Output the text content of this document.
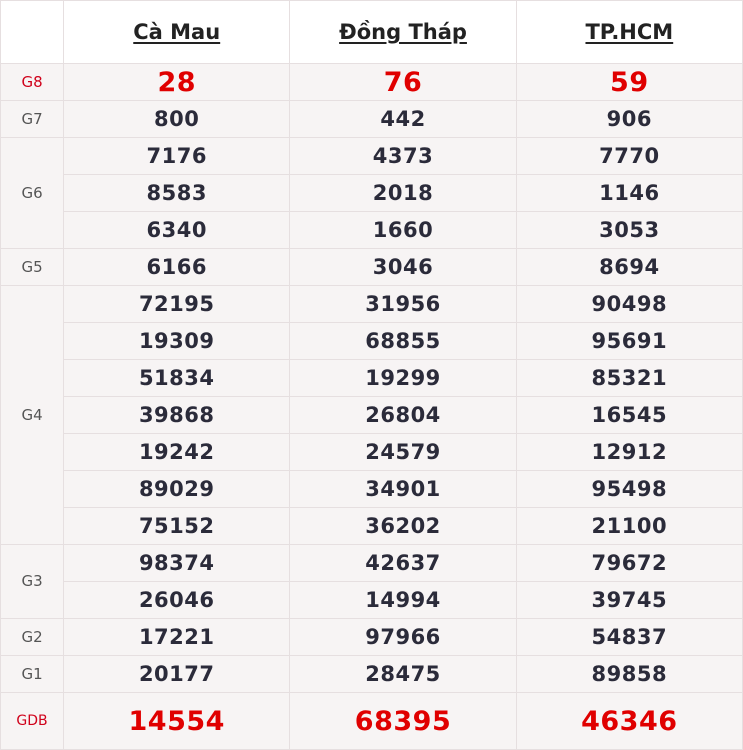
	Cà Mau	Đồng Tháp	TP.HCM

G8	28	76	59

G7	800	442	906

G6	7176	4373	7770

	8583	2018	1146

	6340	1660	3053

G5	6166	3046	8694

G4	72195	31956	90498

	19309	68855	95691

	51834	19299	85321

	39868	26804	16545

	19242	24579	12912

	89029	34901	95498

	75152	36202	21100

G3	98374	42637	79672

	26046	14994	39745

G2	17221	97966	54837

G1	20177	28475	89858

GDB	14554	68395	46346
